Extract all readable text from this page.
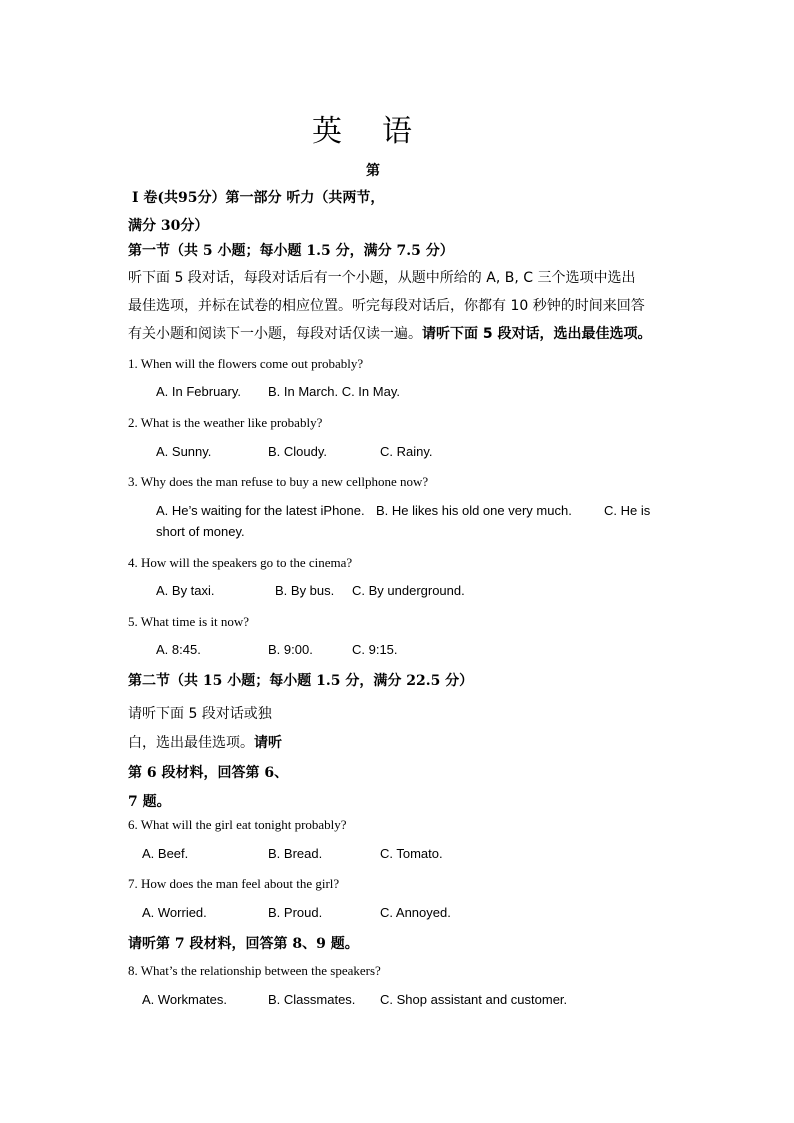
英 语
第
I 卷(共95分）第一部分 听力（共两节，
满分 30分）
第一节（共 5 小题；每小题 1.5 分，满分 7.5 分）
听下面 5 段对话，每段对话后有一个小题，从题中所给的 A, B, C 三个选项中选出
最佳选项，并标在试卷的相应位置。听完每段对话后，你都有 10 秒钟的时间来回答
有关小题和阅读下一小题，每段对话仅读一遍。请听下面 5 段对话，选出最佳选项。
1. When will the flowers come out probably?
A. In February. B. In March. C. In May.
2. What is the weather like probably?
A. Sunny.	B. Cloudy.	C. Rainy.
3. Why does the man refuse to buy a new cellphone now?
A. He’s waiting for the latest iPhone. B. He likes his old one very much. C. He is
short of money.
4. How will the speakers go to the cinema?
A. By taxi.	B. By bus. C. By underground.
5. What time is it now?
A. 8:45.	B. 9:00.	C. 9:15.
第二节（共 15 小题；每小题 1.5 分，满分 22.5 分）
请听下面 5 段对话或独
白，选出最佳选项。请听
第 6 段材料，回答第 6、
7 题。
6. What will the girl eat tonight probably?
A. Beef.	B. Bread.	C. Tomato.
7. How does the man feel about the girl?
A. Worried.	B. Proud.	C. Annoyed.
请听第 7 段材料，回答第 8、9 题。
8. What’s the relationship between the speakers?
A. Workmates.	B. Classmates. C. Shop assistant and customer.
